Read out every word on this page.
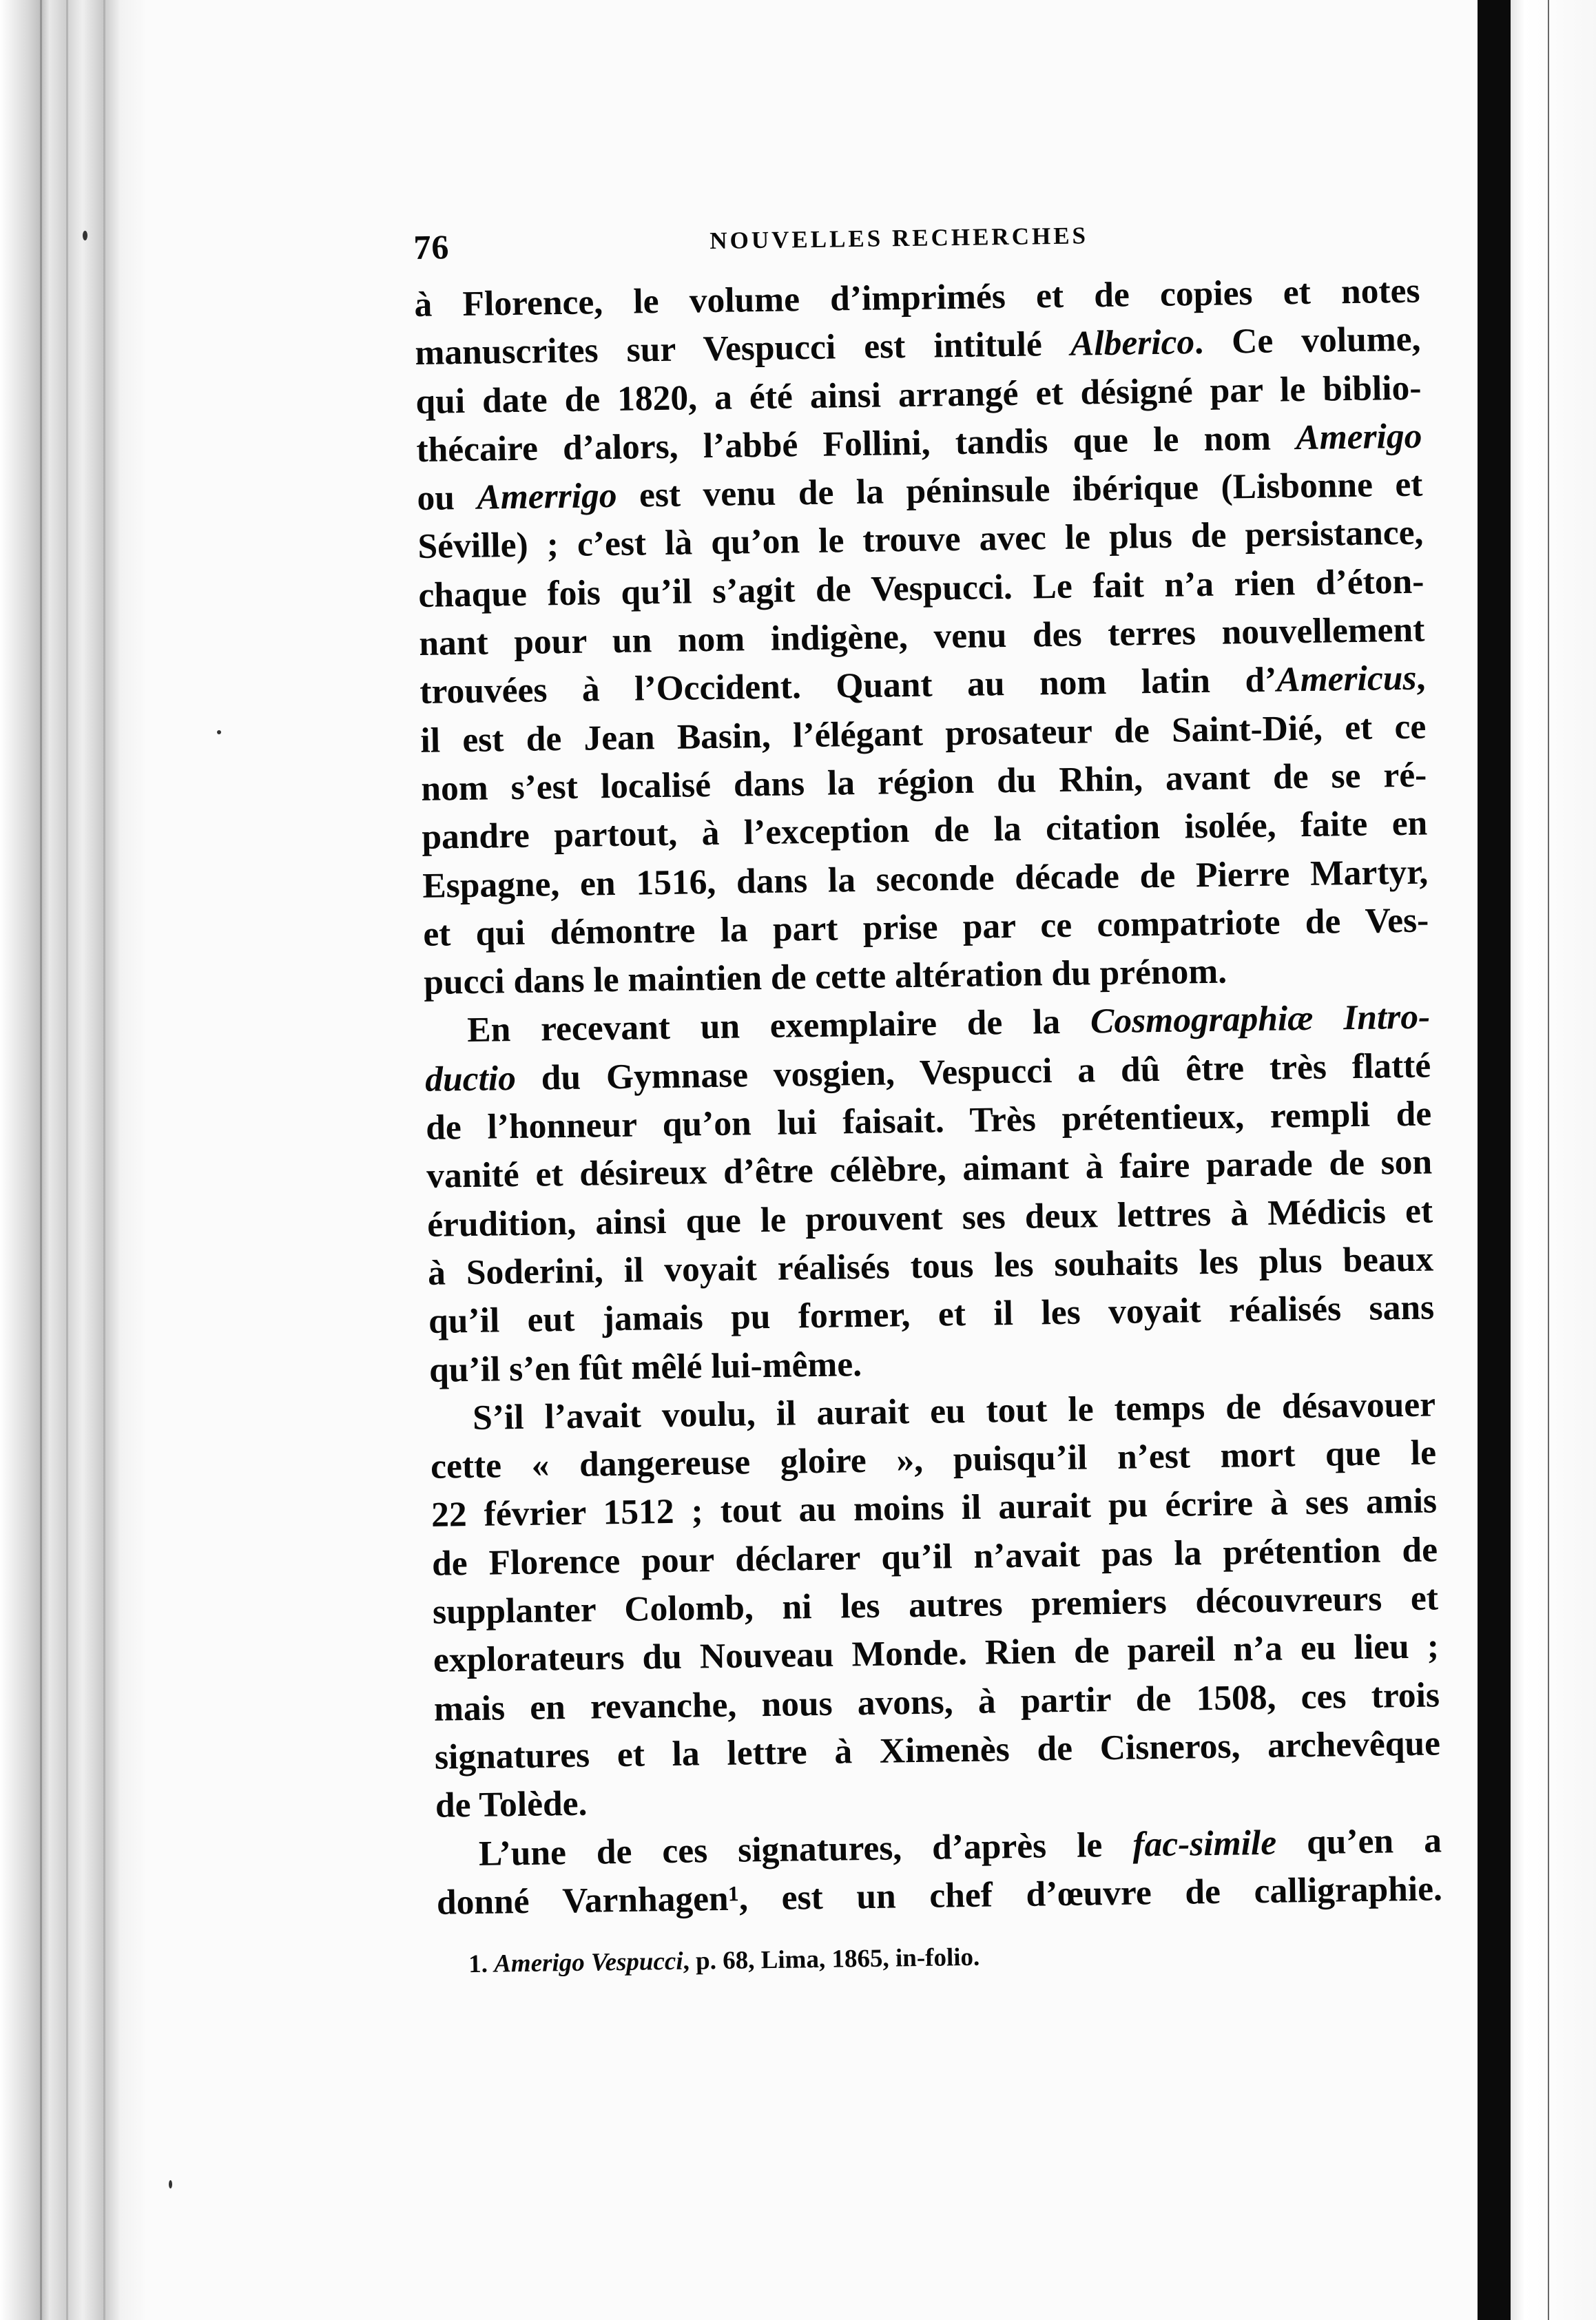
76	NOUVELLES RECHERCHES
à Florence, le volume d’imprimés et de copies et notes
manuscrites sur Vespucci est intitulé Alberico. Ce volume,
qui date de 1820, a été ainsi arrangé et désigné par le biblio-
thécaire d’alors, l’abbé Follini, tandis que le nom Amerigo
ou Amerrigo est venu de la péninsule ibérique (Lisbonne et
Séville) ; c’est là qu’on le trouve avec le plus de persistance,
chaque fois qu’il s’agit de Vespucci. Le fait n’a rien d’éton-
nant pour un nom indigène, venu des terres nouvellement
trouvées à l’Occident. Quant au nom latin d’Americus,
il est de Jean Basin, l’élégant prosateur de Saint-Dié, et ce
nom s’est localisé dans la région du Rhin, avant de se ré-
pandre partout, à l’exception de la citation isolée, faite en
Espagne, en 1516, dans la seconde décade de Pierre Martyr,
et qui démontre la part prise par ce compatriote de Ves-
pucci dans le maintien de cette altération du prénom.
En recevant un exemplaire de la Cosmographiæ Intro-
ductio du Gymnase vosgien, Vespucci a dû être très flatté
de l’honneur qu’on lui faisait. Très prétentieux, rempli de
vanité et désireux d’être célèbre, aimant à faire parade de son
érudition, ainsi que le prouvent ses deux lettres à Médicis et
à Soderini, il voyait réalisés tous les souhaits les plus beaux
qu’il eut jamais pu former, et il les voyait réalisés sans
qu’il s’en fût mêlé lui-même.
S’il l’avait voulu, il aurait eu tout le temps de désavouer
cette « dangereuse gloire », puisqu’il n’est mort que le
22 février 1512 ; tout au moins il aurait pu écrire à ses amis
de Florence pour déclarer qu’il n’avait pas la prétention de
supplanter Colomb, ni les autres premiers découvreurs et
explorateurs du Nouveau Monde. Rien de pareil n’a eu lieu ;
mais en revanche, nous avons, à partir de 1508, ces trois
signatures et la lettre à Ximenès de Cisneros, archevêque
de Tolède.
L’une de ces signatures, d’après le fac-simile qu’en a
donné Varnhagen¹, est un chef d’œuvre de calligraphie.
1. Amerigo Vespucci, p. 68, Lima, 1865, in-folio.
